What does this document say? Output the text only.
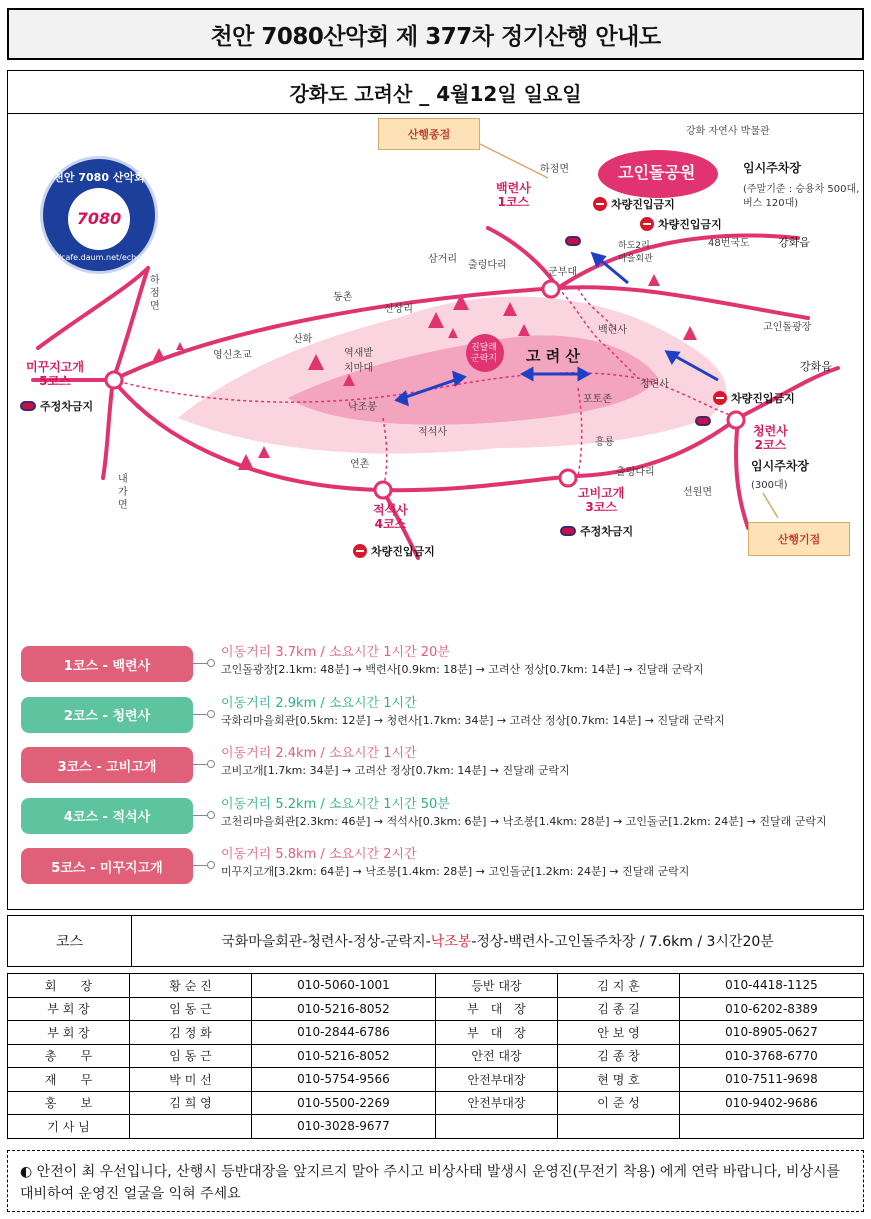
천안 7080산악회 제 377차 정기산행 안내도
강화도 고려산 _ 4월12일 일요일
천안 7080 산악회
7080
http://cafe.daum.net/echo7080
산행종점
산행기점
강화 자연사 박물관
하점면	고인돌공원	임시주차장
(주말기준 : 승용차 500대,
버스 120대)
백련사
1코스	차량진입금지
차량진입금지
48번국도	강화읍
하도2리
마을회관
군부대
삼거리
출렁다리
동촌
신상리
산화
영신초교	역새밭
치마대
백련사	고인돌광장
강화읍
진달래
군락지 고 려 산
청련사
포토존	차량진입금지
미꾸지고개
5코스
주정차금지	낙조봉
적석사
흥룡
청련사
2코스
임시주차장
(300대)
연촌
출렁다리
선원면
고비고개
3코스
주정차금지
적석사
4코스
차량진입금지
내
가
면
하
점
면
1코스 - 백련사
이동거리 3.7km / 소요시간 1시간 20분
고인돌광장[2.1km: 48분] → 백련사[0.9km: 18분] → 고려산 정상[0.7km: 14분] → 진달래 군락지
2코스 - 청련사
이동거리 2.9km / 소요시간 1시간
국화리마을회관[0.5km: 12분] → 청련사[1.7km: 34분] → 고려산 정상[0.7km: 14분] → 진달래 군락지
3코스 - 고비고개
이동거리 2.4km / 소요시간 1시간
고비고개[1.7km: 34분] → 고려산 정상[0.7km: 14분] → 진달래 군락지
4코스 - 적석사
이동거리 5.2km / 소요시간 1시간 50분
고천리마을회관[2.3km: 46분] → 적석사[0.3km: 6분] → 낙조봉[1.4km: 28분] → 고인돌군[1.2km: 24분] → 진달래 군락지
5코스 - 미꾸지고개
이동거리 5.8km / 소요시간 2시간
미꾸지고개[3.2km: 64분] → 낙조봉[1.4km: 28분] → 고인돌군[1.2km: 24분] → 진달래 군락지
코스	국화마을회관-청련사-정상-군락지- 낙조봉 -정상-백련사-고인돌주차장 / 7.6km / 3시간20분
회　　장	황 순 진	010-5060-1001	등반 대장	김 지 훈	010-4418-1125
부 회 장	임 동 근	010-5216-8052	부　대　장	김 종 길	010-6202-8389
부 회 장	김 정 화	010-2844-6786	부　대　장	안 보 영	010-8905-0627
총　　무	임 동 근	010-5216-8052	안전 대장	김 종 창	010-3768-6770
재　　무	박 미 선	010-5754-9566	안전부대장	현 명 호	010-7511-9698
홍　　보	김 희 영	010-5500-2269	안전부대장	이 준 성	010-9402-9686
기 사 님		010-3028-9677			
◐ 안전이 최 우선입니다, 산행시 등반대장을 앞지르지 말아 주시고 비상사태 발생시 운영진(무전기 착용) 에게 연락 바랍니다, 비상시를 대비하여 운영진 얼굴을 익혀 주세요
